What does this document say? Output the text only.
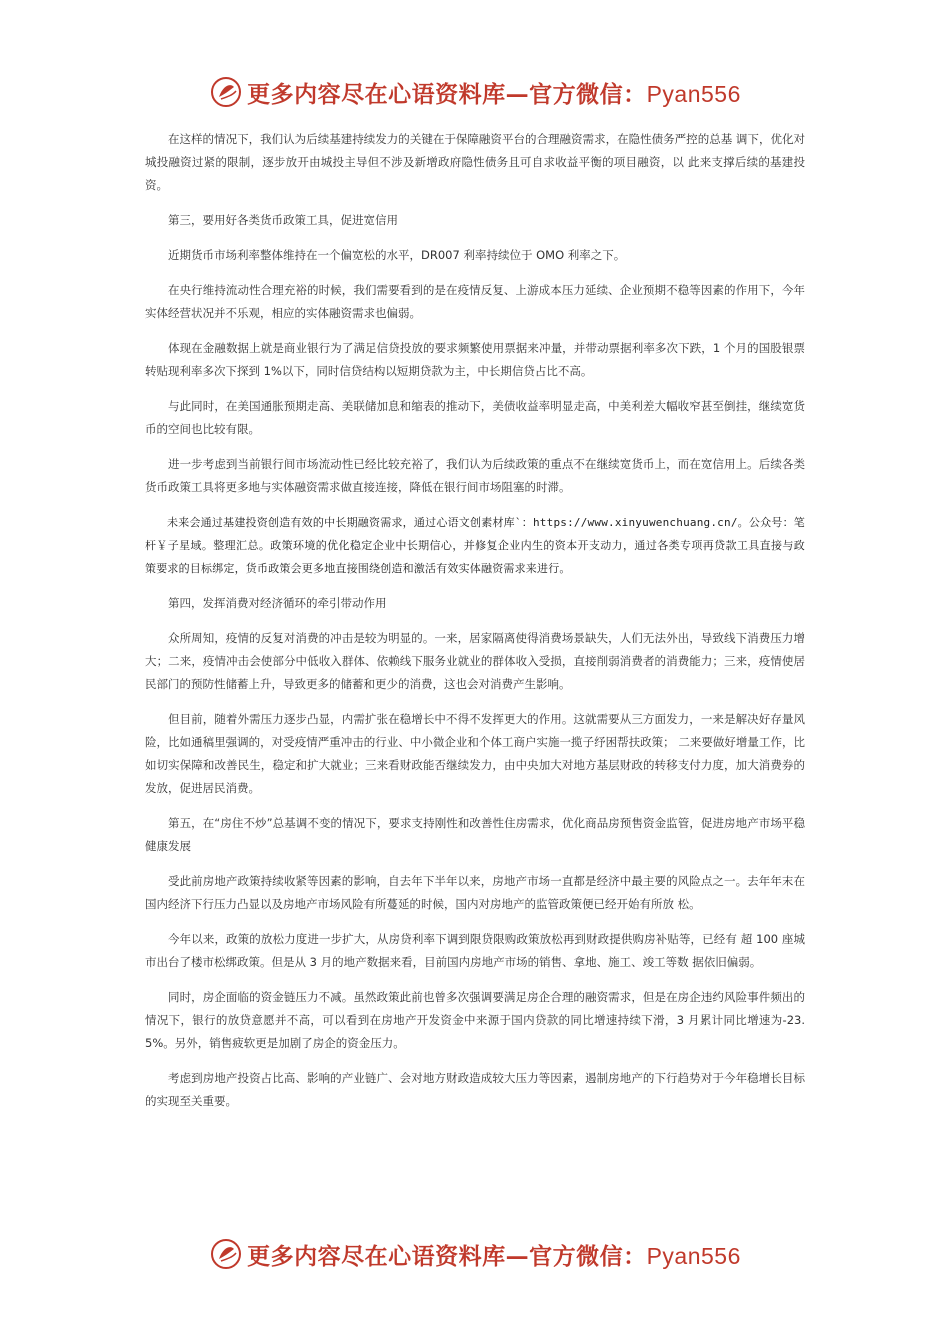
更多内容尽在心语资料库—官方微信：Pyan556

在这样的情况下，我们认为后续基建持续发力的关键在于保障融资平台的合理融资需求，在隐性债务严控的总基 调下，优化对城投融资过紧的限制，逐步放开由城投主导但不涉及新增政府隐性债务且可自求收益平衡的项目融资，以 此来支撑后续的基建投资。

第三，要用好各类货币政策工具，促进宽信用

近期货币市场利率整体维持在一个偏宽松的水平，DR007 利率持续位于 OMO 利率之下。

在央行维持流动性合理充裕的时候，我们需要看到的是在疫情反复、上游成本压力延续、企业预期不稳等因素的作用下，今年实体经营状况并不乐观，相应的实体融资需求也偏弱。

体现在金融数据上就是商业银行为了满足信贷投放的要求频繁使用票据来冲量，并带动票据利率多次下跌，1 个月的国股银票转贴现利率多次下探到 1%以下，同时信贷结构以短期贷款为主，中长期信贷占比不高。

与此同时，在美国通胀预期走高、美联储加息和缩表的推动下，美债收益率明显走高，中美利差大幅收窄甚至倒挂，继续宽货币的空间也比较有限。

进一步考虑到当前银行间市场流动性已经比较充裕了，我们认为后续政策的重点不在继续宽货币上，而在宽信用上。后续各类货币政策工具将更多地与实体融资需求做直接连接，降低在银行间市场阻塞的时滞。

未来会通过基建投资创造有效的中长期融资需求，通过心语文创素材库`：https://www.xinyuwenchuang.cn/。公众号：笔杆￥子星域。整理汇总。政策环境的优化稳定企业中长期信心，并修复企业内生的资本开支动力，通过各类专项再贷款工具直接与政策要求的目标绑定，货币政策会更多地直接围绕创造和激活有效实体融资需求来进行。

第四，发挥消费对经济循环的牵引带动作用

众所周知，疫情的反复对消费的冲击是较为明显的。一来，居家隔离使得消费场景缺失，人们无法外出，导致线下消费压力增大；二来，疫情冲击会使部分中低收入群体、依赖线下服务业就业的群体收入受损，直接削弱消费者的消费能力；三来，疫情使居民部门的预防性储蓄上升，导致更多的储蓄和更少的消费，这也会对消费产生影响。

但目前，随着外需压力逐步凸显，内需扩张在稳增长中不得不发挥更大的作用。这就需要从三方面发力，一来是解决好存量风险，比如通稿里强调的，对受疫情严重冲击的行业、中小微企业和个体工商户实施一揽子纾困帮扶政策； 二来要做好增量工作，比如切实保障和改善民生，稳定和扩大就业；三来看财政能否继续发力，由中央加大对地方基层财政的转移支付力度，加大消费券的发放，促进居民消费。

第五，在“房住不炒”总基调不变的情况下，要求支持刚性和改善性住房需求，优化商品房预售资金监管，促进房地产市场平稳健康发展

受此前房地产政策持续收紧等因素的影响，自去年下半年以来，房地产市场一直都是经济中最主要的风险点之一。去年年末在国内经济下行压力凸显以及房地产市场风险有所蔓延的时候，国内对房地产的监管政策便已经开始有所放 松。

今年以来，政策的放松力度进一步扩大，从房贷利率下调到限贷限购政策放松再到财政提供购房补贴等，已经有 超 100 座城市出台了楼市松绑政策。但是从 3 月的地产数据来看，目前国内房地产市场的销售、拿地、施工、竣工等数 据依旧偏弱。

同时，房企面临的资金链压力不减。虽然政策此前也曾多次强调要满足房企合理的融资需求，但是在房企违约风险事件频出的情况下，银行的放贷意愿并不高，可以看到在房地产开发资金中来源于国内贷款的同比增速持续下滑，3 月累计同比增速为-23.5%。另外，销售疲软更是加剧了房企的资金压力。

考虑到房地产投资占比高、影响的产业链广、会对地方财政造成较大压力等因素，遏制房地产的下行趋势对于今年稳增长目标的实现至关重要。

更多内容尽在心语资料库—官方微信：Pyan556
